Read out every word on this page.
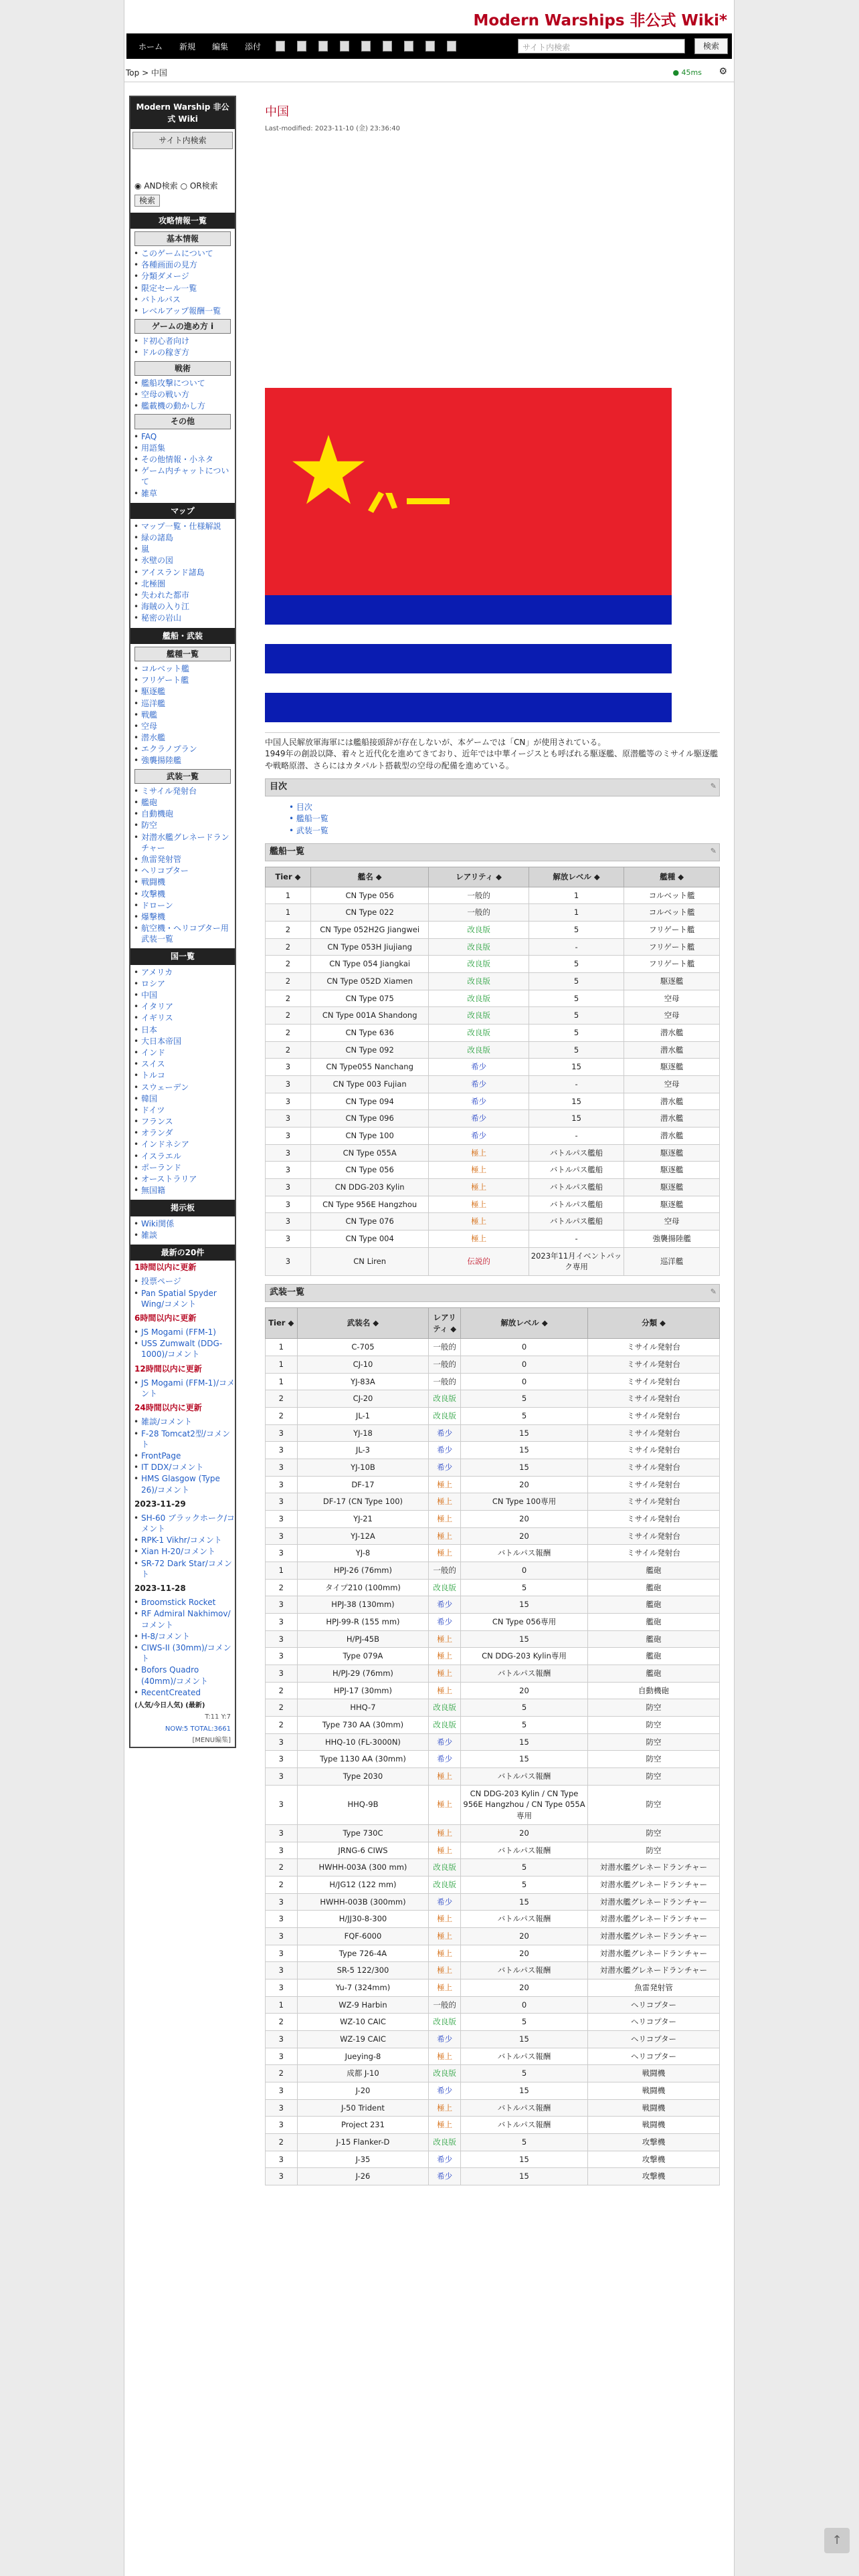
Modern Warships 非公式 Wiki*
ホーム 新規 編集 添付	サイト内検索	検索
Top > 中国	● 45ms ⚙
Modern Warship 非公式 Wiki
サイト内検索
◉ AND検索 ○ OR検索
検索
攻略情報一覧
基本情報
• このゲームについて
• 各種画面の見方
• 分類ダメージ
• 限定セール一覧
• バトルパス
• レベルアップ報酬一覧
ゲームの進め方 i
• ド初心者向け
• ドルの稼ぎ方
戦術
• 艦船攻撃について
• 空母の戦い方
• 艦載機の動かし方
その他
• FAQ
• 用語集
• その他情報・小ネタ
• ゲーム内チャットについて
• 雑草
マップ
• マップ一覧・仕様解説
• 緑の諸島
• 嵐
• 氷壁の図
• アイスランド諸島
• 北極圏
• 失われた都市
• 海賊の入り江
• 秘密の岩山
艦船・武装
艦種一覧
• コルベット艦
• フリゲート艦
• 駆逐艦
• 巡洋艦
• 戦艦
• 空母
• 潜水艦
• エクラノプラン
• 強襲揚陸艦
武装一覧
• ミサイル発射台
• 艦砲
• 自動機砲
• 防空
• 対潜水艦グレネードランチャー
• 魚雷発射管
• ヘリコプター
• 戦闘機
• 攻撃機
• ドローン
• 爆撃機
• 航空機・ヘリコプター用武装一覧
国一覧
• アメリカ
• ロシア
• 中国
• イタリア
• イギリス
• 日本
• 大日本帝国
• インド
• スイス
• トルコ
• スウェーデン
• 韓国
• ドイツ
• フランス
• オランダ
• インドネシア
• イスラエル
• ポーランド
• オーストラリア
• 無国籍
掲示板
• Wiki関係
• 雑談
最新の20件
1時間以内に更新
• 投票ページ
• Pan Spatial Spyder Wing/コメント
6時間以内に更新
• JS Mogami (FFM-1)
• USS Zumwalt (DDG-1000)/コメント
12時間以内に更新
• JS Mogami (FFM-1)/コメント
24時間以内に更新
• 雑談/コメント
• F-28 Tomcat2型/コメント
• FrontPage
• IT DDX/コメント
• HMS Glasgow (Type 26)/コメント
2023-11-29
• SH-60 ブラックホーク/コメント
• RPK-1 Vikhr/コメント
• Xian H-20/コメント
• SR-72 Dark Star/コメント
2023-11-28
• Broomstick Rocket
• RF Admiral Nakhimov/コメント
• H-8/コメント
• CIWS-II (30mm)/コメント
• Bofors Quadro (40mm)/コメント
• RecentCreated
(人気/今日人気) (最新)
T:11 Y:7
NOW:5 TOTAL:3661
[MENU編集]
中国
Last-modified: 2023-11-10 (金) 23:36:40
中国人民解放軍海軍には艦船接頭辞が存在しないが、本ゲームでは「CN」が使用されている。
1949年の創設以降、着々と近代化を進めてきており、近年では中華イージスとも呼ばれる駆逐艦、原潜艦等のミサイル駆逐艦や戦略原潜、さらにはカタパルト搭載型の空母の配備を進めている。
目次	✎
• 目次
• 艦船一覧
• 武装一覧
艦船一覧	✎
Tier ◆	艦名 ◆	レアリティ ◆	解放レベル ◆	艦種 ◆
1	CN Type 056	一般的	1	コルベット艦
1	CN Type 022	一般的	1	コルベット艦
2	CN Type 052H2G Jiangwei	改良版	5	フリゲート艦
2	CN Type 053H Jiujiang	改良版	-	フリゲート艦
2	CN Type 054 Jiangkai	改良版	5	フリゲート艦
2	CN Type 052D Xiamen	改良版	5	駆逐艦
2	CN Type 075	改良版	5	空母
2	CN Type 001A Shandong	改良版	5	空母
2	CN Type 636	改良版	5	潜水艦
2	CN Type 092	改良版	5	潜水艦
3	CN Type055 Nanchang	希少	15	駆逐艦
3	CN Type 003 Fujian	希少	-	空母
3	CN Type 094	希少	15	潜水艦
3	CN Type 096	希少	15	潜水艦
3	CN Type 100	希少	-	潜水艦
3	CN Type 055A	極上	バトルパス艦船	駆逐艦
3	CN Type 056	極上	バトルパス艦船	駆逐艦
3	CN DDG-203 Kylin	極上	バトルパス艦船	駆逐艦
3	CN Type 956E Hangzhou	極上	バトルパス艦船	駆逐艦
3	CN Type 076	極上	バトルパス艦船	空母
3	CN Type 004	極上	-	強襲揚陸艦
3	CN Liren	伝説的	2023年11月イベントパック専用	巡洋艦
武装一覧	✎
Tier ◆	武装名 ◆	レアリティ ◆	解放レベル ◆	分類 ◆
1	C-705	一般的	0	ミサイル発射台
1	CJ-10	一般的	0	ミサイル発射台
1	YJ-83A	一般的	0	ミサイル発射台
2	CJ-20	改良版	5	ミサイル発射台
2	JL-1	改良版	5	ミサイル発射台
3	YJ-18	希少	15	ミサイル発射台
3	JL-3	希少	15	ミサイル発射台
3	YJ-10B	希少	15	ミサイル発射台
3	DF-17	極上	20	ミサイル発射台
3	DF-17 (CN Type 100)	極上	CN Type 100専用	ミサイル発射台
3	YJ-21	極上	20	ミサイル発射台
3	YJ-12A	極上	20	ミサイル発射台
3	YJ-8	極上	バトルパス報酬	ミサイル発射台
1	HPJ-26 (76mm)	一般的	0	艦砲
2	タイプ210 (100mm)	改良版	5	艦砲
3	HPJ-38 (130mm)	希少	15	艦砲
3	HPJ-99-R (155 mm)	希少	CN Type 056専用	艦砲
3	H/PJ-45B	極上	15	艦砲
3	Type 079A	極上	CN DDG-203 Kylin専用	艦砲
3	H/PJ-29 (76mm)	極上	バトルパス報酬	艦砲
2	HPJ-17 (30mm)	極上	20	自動機砲
2	HHQ-7	改良版	5	防空
2	Type 730 AA (30mm)	改良版	5	防空
3	HHQ-10 (FL-3000N)	希少	15	防空
3	Type 1130 AA (30mm)	希少	15	防空
3	Type 2030	極上	バトルパス報酬	防空
3	HHQ-9B	極上	CN DDG-203 Kylin / CN Type 956E Hangzhou / CN Type 055A専用	防空
3	Type 730C	極上	20	防空
3	JRNG-6 CIWS	極上	バトルパス報酬	防空
2	HWHH-003A (300 mm)	改良版	5	対潜水艦グレネードランチャー
2	H/JG12 (122 mm)	改良版	5	対潜水艦グレネードランチャー
3	HWHH-003B (300mm)	希少	15	対潜水艦グレネードランチャー
3	H/JJ30-8-300	極上	バトルパス報酬	対潜水艦グレネードランチャー
3	FQF-6000	極上	20	対潜水艦グレネードランチャー
3	Type 726-4A	極上	20	対潜水艦グレネードランチャー
3	SR-5 122/300	極上	バトルパス報酬	対潜水艦グレネードランチャー
3	Yu-7 (324mm)	極上	20	魚雷発射管
1	WZ-9 Harbin	一般的	0	ヘリコプター
2	WZ-10 CAIC	改良版	5	ヘリコプター
3	WZ-19 CAIC	希少	15	ヘリコプター
3	Jueying-8	極上	バトルパス報酬	ヘリコプター
2	成都 J-10	改良版	5	戦闘機
3	J-20	希少	15	戦闘機
3	J-50 Trident	極上	バトルパス報酬	戦闘機
3	Project 231	極上	バトルパス報酬	戦闘機
2	J-15 Flanker-D	改良版	5	攻撃機
3	J-35	希少	15	攻撃機
3	J-26	希少	15	攻撃機
↑
